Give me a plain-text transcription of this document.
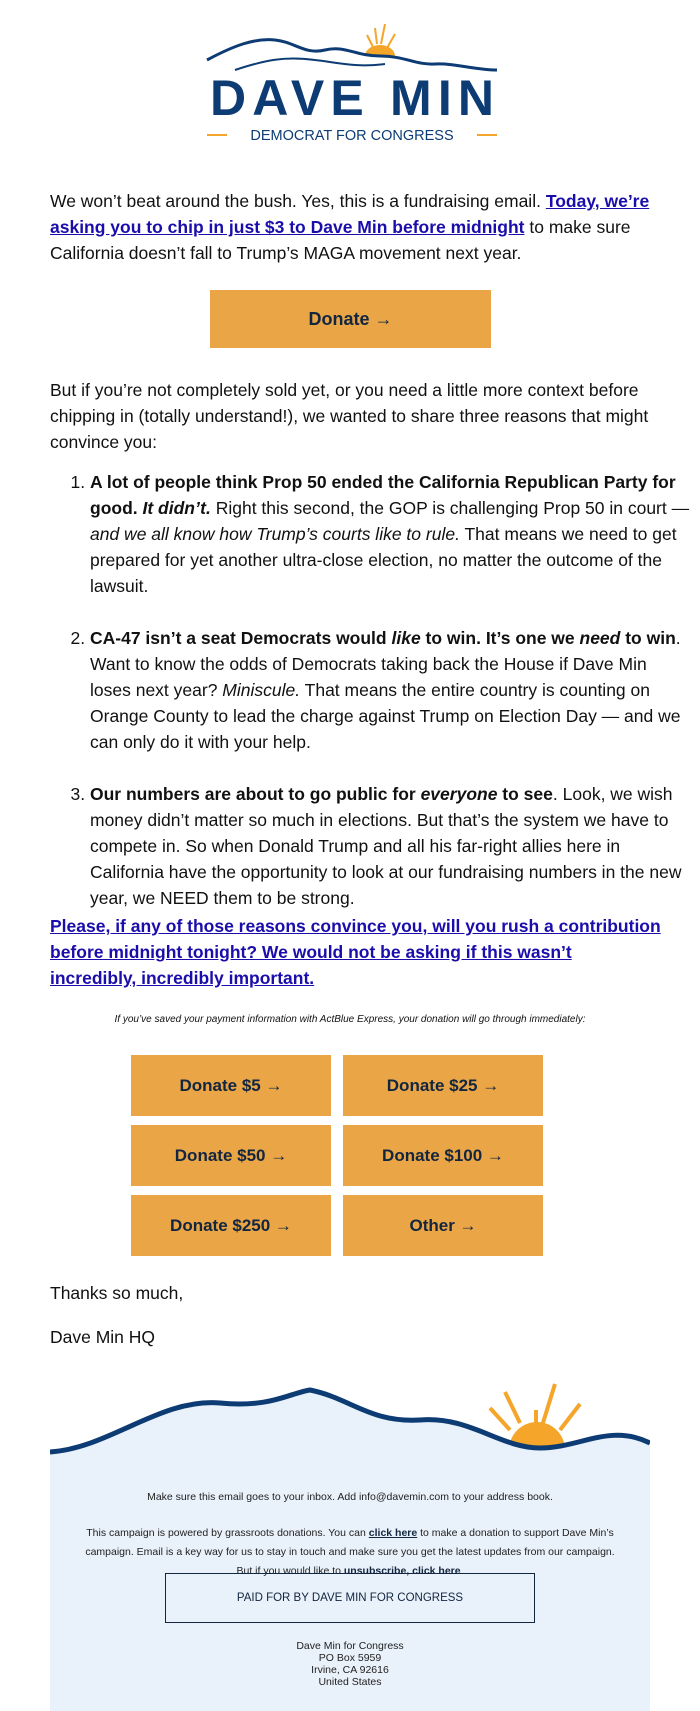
DAVE MIN
DEMOCRAT FOR CONGRESS

We won’t beat around the bush. Yes, this is a fundraising email. Today, we’re asking you to chip in just $3 to Dave Min before midnight to make sure California doesn’t fall to Trump’s MAGA movement next year.

Donate →

But if you’re not completely sold yet, or you need a little more context before chipping in (totally understand!), we wanted to share three reasons that might convince you:

1. A lot of people think Prop 50 ended the California Republican Party for good. It didn’t. Right this second, the GOP is challenging Prop 50 in court — and we all know how Trump’s courts like to rule. That means we need to get prepared for yet another ultra-close election, no matter the outcome of the lawsuit.
2. CA-47 isn’t a seat Democrats would like to win. It’s one we need to win. Want to know the odds of Democrats taking back the House if Dave Min loses next year? Miniscule. That means the entire country is counting on Orange County to lead the charge against Trump on Election Day — and we can only do it with your help.
3. Our numbers are about to go public for everyone to see. Look, we wish money didn’t matter so much in elections. But that’s the system we have to compete in. So when Donald Trump and all his far-right allies here in California have the opportunity to look at our fundraising numbers in the new year, we NEED them to be strong.
Please, if any of those reasons convince you, will you rush a contribution before midnight tonight? We would not be asking if this wasn’t incredibly, incredibly important.
If you’ve saved your payment information with ActBlue Express, your donation will go through immediately:
Donate $5 →	Donate $25 →
Donate $50 →	Donate $100 →
Donate $250 →	Other →
Thanks so much,
Dave Min HQ
Make sure this email goes to your inbox. Add info@davemin.com to your address book.
This campaign is powered by grassroots donations. You can click here to make a donation to support Dave Min’s campaign. Email is a key way for us to stay in touch and make sure you get the latest updates from our campaign. But if you would like to unsubscribe, click here.
PAID FOR BY DAVE MIN FOR CONGRESS
Dave Min for Congress
PO Box 5959
Irvine, CA 92616
United States
